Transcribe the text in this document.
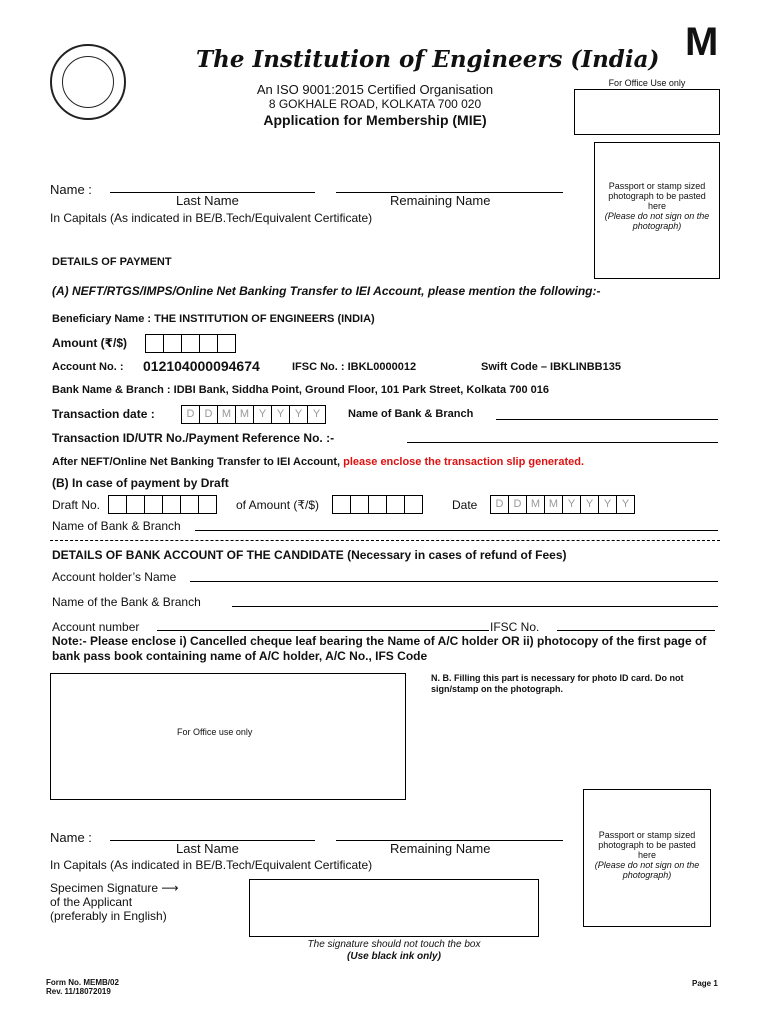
The Institution of Engineers (India) M
An ISO 9001:2015 Certified Organisation
8 GOKHALE ROAD, KOLKATA 700 020
Application for Membership (MIE)
For Office Use only
Passport or stamp sized photograph to be pasted here
(Please do not sign on the photograph)
Name :
Last Name	Remaining Name
In Capitals (As indicated in BE/B.Tech/Equivalent Certificate)
DETAILS OF PAYMENT
(A) NEFT/RTGS/IMPS/Online Net Banking Transfer to IEI Account, please mention the following:-
Beneficiary Name : THE INSTITUTION OF ENGINEERS (INDIA)
Amount (₹/$)
Account No. : 012104000094674	IFSC No. : IBKL0000012	Swift Code – IBKLINBB135
Bank Name & Branch : IDBI Bank, Siddha Point, Ground Floor, 101 Park Street, Kolkata 700 016
Transaction date :	D D M M Y Y Y Y	Name of Bank & Branch
Transaction ID/UTR No./Payment Reference No. :-
After NEFT/Online Net Banking Transfer to IEI Account, please enclose the transaction slip generated.
(B) In case of payment by Draft
Draft No.	of Amount (₹/$)	Date	D D M M Y Y Y Y
Name of Bank & Branch
DETAILS OF BANK ACCOUNT OF THE CANDIDATE (Necessary in cases of refund of Fees)
Account holder’s Name
Name of the Bank & Branch
Account number	IFSC No.
Note:- Please enclose i) Cancelled cheque leaf bearing the Name of A/C holder OR ii) photocopy of the first page of bank pass book containing name of A/C holder, A/C No., IFS Code
For Office use only
N. B. Filling this part is necessary for photo ID card. Do not sign/stamp on the photograph.
Passport or stamp sized photograph to be pasted here
(Please do not sign on the photograph)
Name :
Last Name	Remaining Name
In Capitals (As indicated in BE/B.Tech/Equivalent Certificate)
Specimen Signature ⟶
of the Applicant
(preferably in English)
The signature should not touch the box
(Use black ink only)
Form No. MEMB/02
Rev. 11/18072019
Page 1
